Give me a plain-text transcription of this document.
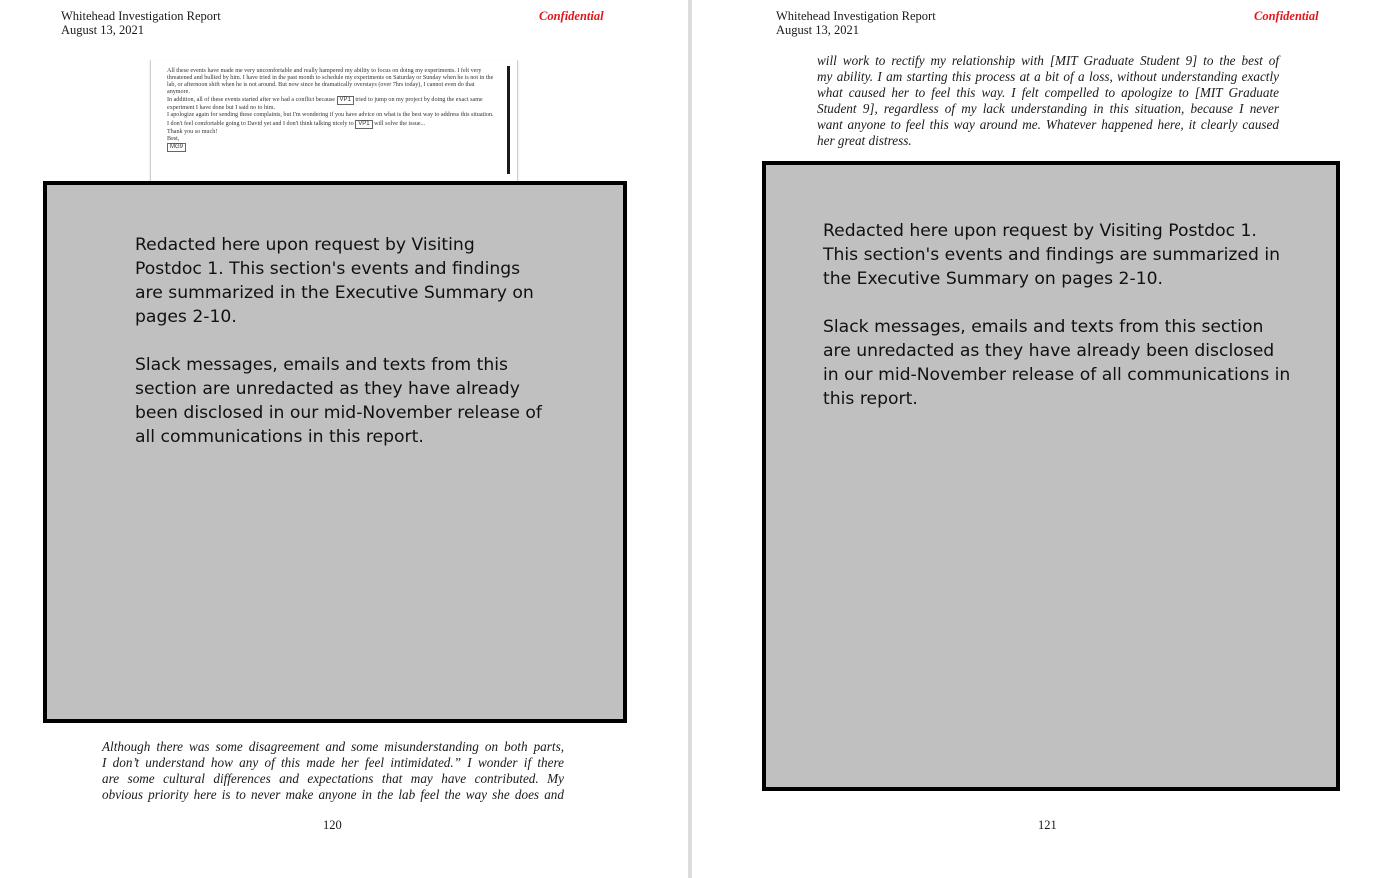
Whitehead Investigation Report
August 13, 2021
Confidential

All these events have made me very uncomfortable and really hampered my ability to focus on doing my experiments. I felt very threatened and bullied by him. I have tried in the past month to schedule my experiments on Saturday or Sunday when he is not in the lab, or afternoon shift when he is not around. But now since he dramatically overstays (over 7hrs today), I cannot even do that anymore.

In addition, all of these events started after we had a conflict because VP1 tried to jump on my project by doing the exact same experiment I have done but I said no to him.

I apologize again for sending these complaints, but I'm wondering if you have advice on what is the best way to address this situation. I don't feel comfortable going to David yet and I don't think talking nicely to VP1 will solve the issue...

Thank you so much!

Best,

MG9

Redacted here upon request by Visiting Postdoc 1. This section's events and findings are summarized in the Executive Summary on pages 2-10.

Slack messages, emails and texts from this section are unredacted as they have already been disclosed in our mid-November release of all communications in this report.

Although there was some disagreement and some misunderstanding on both parts,
I don’t understand how any of this made her feel intimidated.” I wonder if there
are some cultural differences and expectations that may have contributed. My
obvious priority here is to never make anyone in the lab feel the way she does and
120
Whitehead Investigation Report
August 13, 2021
Confidential
will work to rectify my relationship with [MIT Graduate Student 9] to the best of
my ability. I am starting this process at a bit of a loss, without understanding exactly
what caused her to feel this way. I felt compelled to apologize to [MIT Graduate
Student 9], regardless of my lack understanding in this situation, because I never
want anyone to feel this way around me. Whatever happened here, it clearly caused
her great distress.

Redacted here upon request by Visiting Postdoc 1. This section's events and findings are summarized in the Executive Summary on pages 2-10.

Slack messages, emails and texts from this section are unredacted as they have already been disclosed in our mid-November release of all communications in this report.

121
